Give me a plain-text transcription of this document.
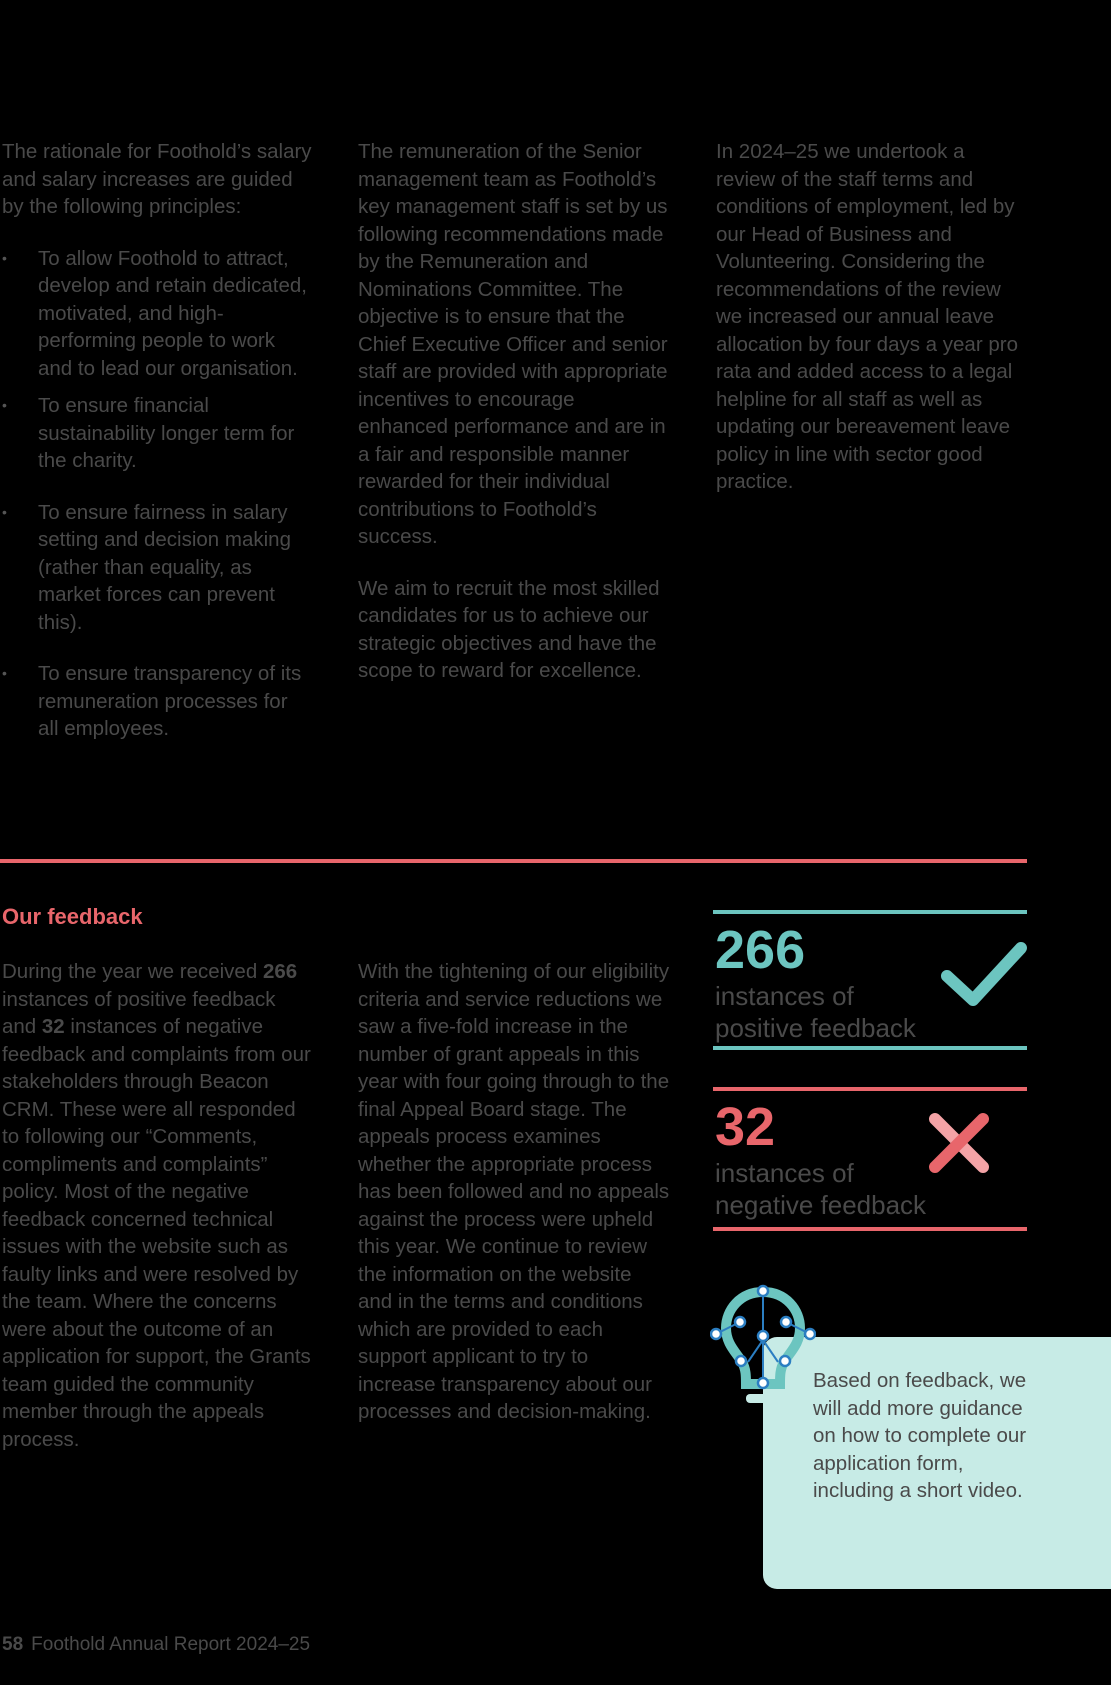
The rationale for Foothold’s salary and salary increases are guided by the following principles:

• To allow Foothold to attract, develop and retain dedicated, motivated, and high-performing people to work and to lead our organisation.
• To ensure financial sustainability longer term for the charity.
• To ensure fairness in salary setting and decision making (rather than equality, as market forces can prevent this).
• To ensure transparency of its remuneration processes for all employees.

The remuneration of the Senior management team as Foothold’s key management staff is set by us following recommendations made by the Remuneration and Nominations Committee. The objective is to ensure that the Chief Executive Officer and senior staff are provided with appropriate incentives to encourage enhanced performance and are in a fair and responsible manner rewarded for their individual contributions to Foothold’s success.

We aim to recruit the most skilled candidates for us to achieve our strategic objectives and have the scope to reward for excellence.

In 2024–25 we undertook a review of the staff terms and conditions of employment, led by our Head of Business and Volunteering. Considering the recommendations of the review we increased our annual leave allocation by four days a year pro rata and added access to a legal helpline for all staff as well as updating our bereavement leave policy in line with sector good practice.

Our feedback

During the year we received 266 instances of positive feedback and 32 instances of negative feedback and complaints from our stakeholders through Beacon CRM. These were all responded to following our “Comments, compliments and complaints” policy. Most of the negative feedback concerned technical issues with the website such as faulty links and were resolved by the team. Where the concerns were about the outcome of an application for support, the Grants team guided the community member through the appeals process.

With the tightening of our eligibility criteria and service reductions we saw a five-fold increase in the number of grant appeals in this year with four going through to the final Appeal Board stage. The appeals process examines whether the appropriate process has been followed and no appeals against the process were upheld this year. We continue to review the information on the website and in the terms and conditions which are provided to each support applicant to try to increase transparency about our processes and decision-making.

266
instances of
positive feedback
32
instances of
negative feedback

Based on feedback, we will add more guidance on how to complete our application form, including a short video.

58 Foothold Annual Report 2024–25
